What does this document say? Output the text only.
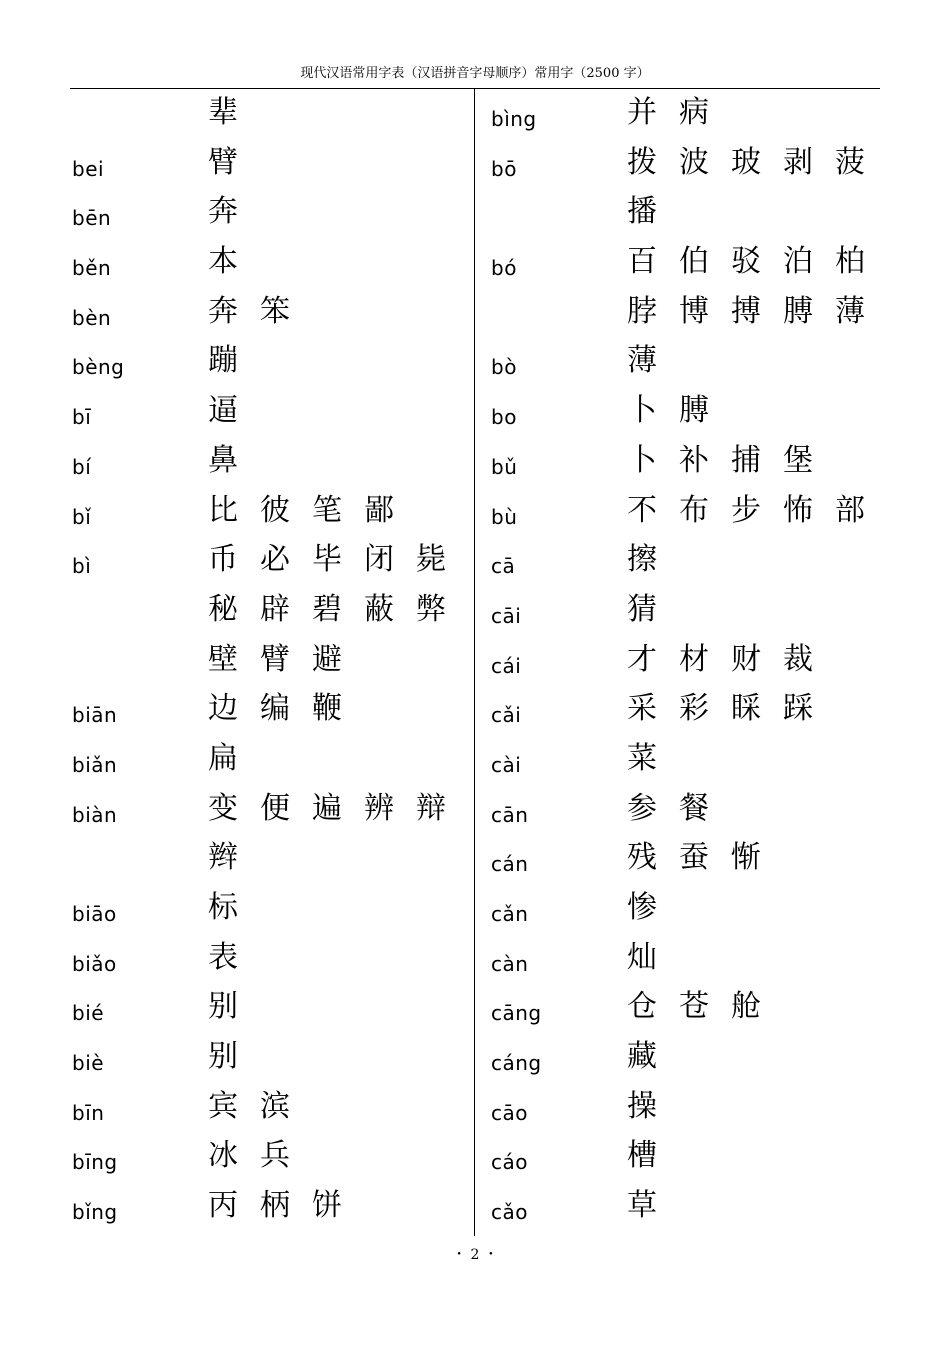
现代汉语常用字表（汉语拼音字母顺序）常用字（2500 字）
辈
bei	臂
bēn	奔
běn	本
bèn	奔 笨
bèng	蹦
bī	逼
bí	鼻
bǐ	比 彼 笔 鄙
bì	币 必 毕 闭 毙
秘 辟 碧 蔽 弊
壁 臂 避
biān	边 编 鞭
biǎn	扁
biàn	变 便 遍 辨 辩
辫
biāo	标
biǎo	表
bié	别
biè	别
bīn	宾 滨
bīng	冰 兵
bǐng	丙 柄 饼
bìng	并 病
bō	拨 波 玻 剥 菠
播
bó	百 伯 驳 泊 柏
脖 博 搏 膊 薄
bò	薄
bo	卜 膊
bǔ	卜 补 捕 堡
bù	不 布 步 怖 部
cā	擦
cāi	猜
cái	才 材 财 裁
cǎi	采 彩 睬 踩
cài	菜
cān	参 餐
cán	残 蚕 惭
cǎn	惨
càn	灿
cāng	仓 苍 舱
cáng	藏
cāo	操
cáo	槽
cǎo	草
・ 2 ・
